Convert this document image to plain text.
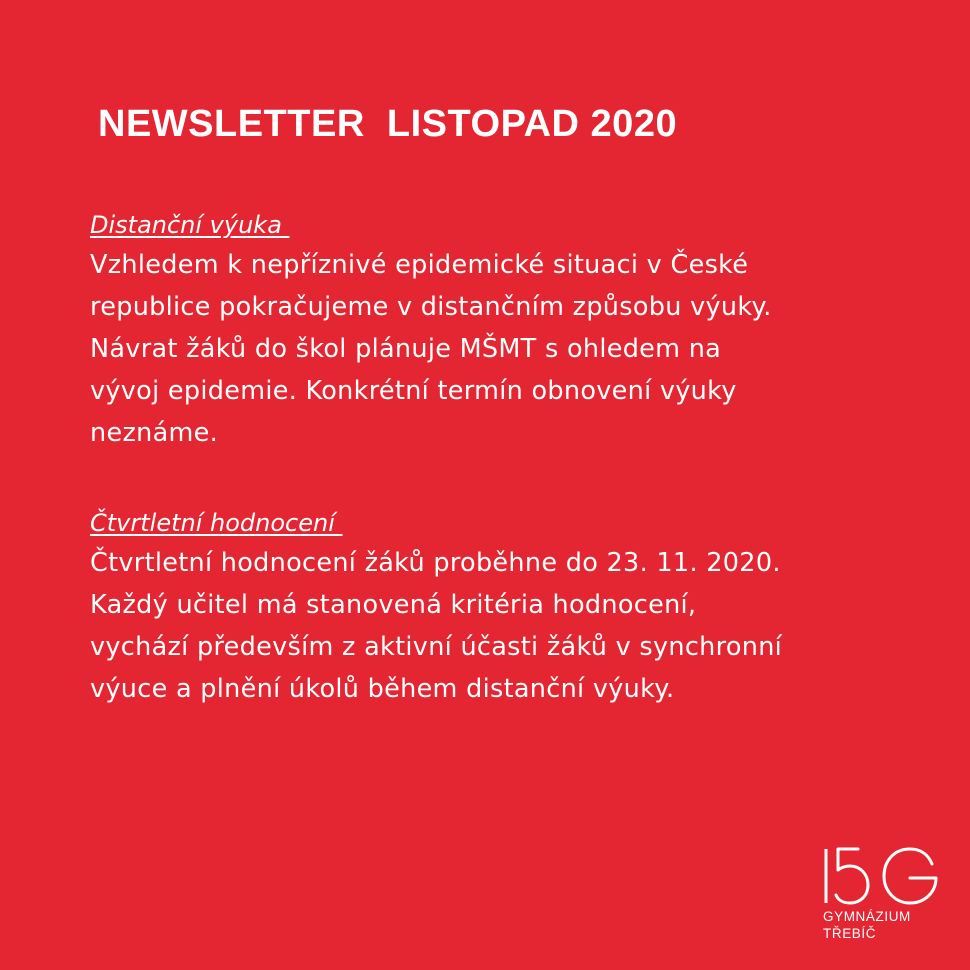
NEWSLETTER  LISTOPAD 2020
Distanční výuka

Vzhledem k nepříznivé epidemické situaci v České
republice pokračujeme v distančním způsobu výuky.
Návrat žáků do škol plánuje MŠMT s ohledem na
vývoj epidemie. Konkrétní termín obnovení výuky
neznáme.

Čtvrtletní hodnocení

Čtvrtletní hodnocení žáků proběhne do 23. 11. 2020.
Každý učitel má stanovená kritéria hodnocení,
vychází především z aktivní účasti žáků v synchronní
výuce a plnění úkolů během distanční výuky.

GYMNÁZIUM
TŘEBÍČ
